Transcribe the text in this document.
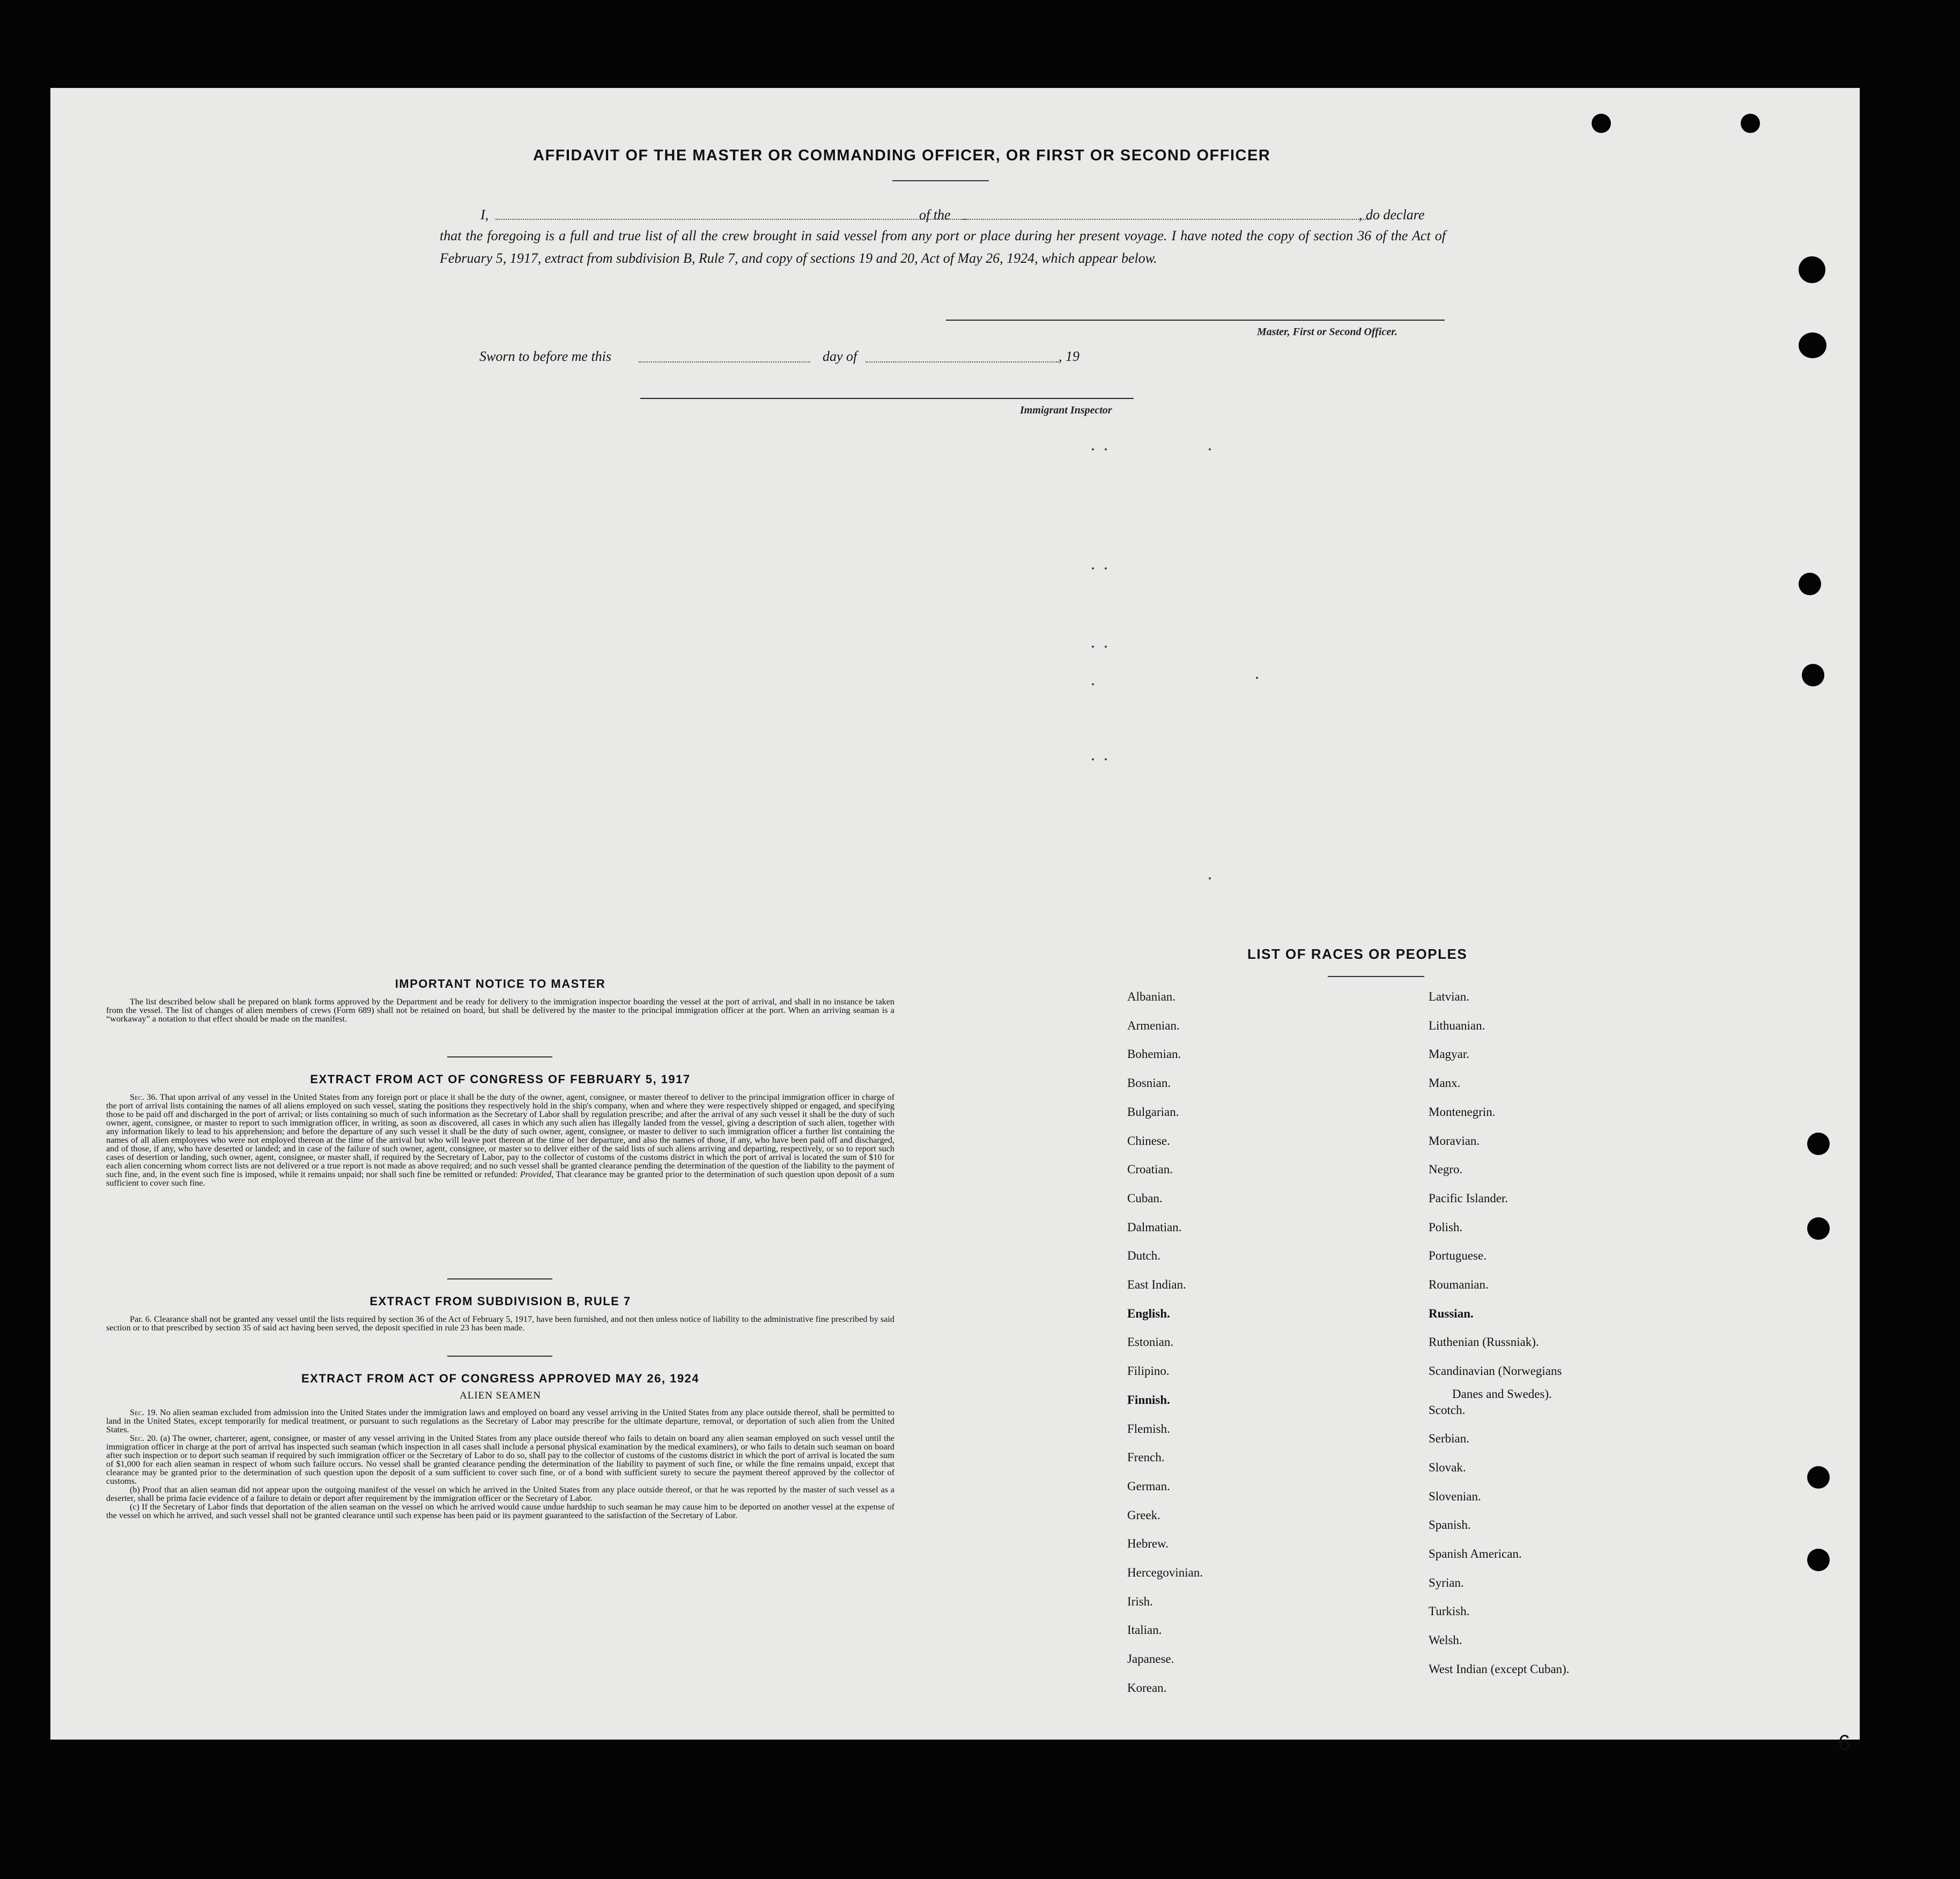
AFFIDAVIT OF THE MASTER OR COMMANDING OFFICER, OR FIRST OR SECOND OFFICER
I,	of the	, do declare
that the foregoing is a full and true list of all the crew brought in said vessel from any port or place during her present voyage. I have noted the copy of section 36 of the Act of February 5, 1917, extract from subdivision B, Rule 7, and copy of sections 19 and 20, Act of May 26, 1924, which appear below.
Master, First or Second Officer.
Sworn to before me this	day of	, 19
Immigrant Inspector
IMPORTANT NOTICE TO MASTER

The list described below shall be prepared on blank forms approved by the Department and be ready for delivery to the immigration inspector boarding the vessel at the port of arrival, and shall in no instance be taken from the vessel. The list of changes of alien members of crews (Form 689) shall not be retained on board, but shall be delivered by the master to the principal immigration officer at the port. When an arriving seaman is a “workaway” a notation to that effect should be made on the manifest.

EXTRACT FROM ACT OF CONGRESS OF FEBRUARY 5, 1917

Sec. 36. That upon arrival of any vessel in the United States from any foreign port or place it shall be the duty of the owner, agent, consignee, or master thereof to deliver to the principal immigration officer in charge of the port of arrival lists containing the names of all aliens employed on such vessel, stating the positions they respectively hold in the ship's company, when and where they were respectively shipped or engaged, and specifying those to be paid off and discharged in the port of arrival; or lists containing so much of such information as the Secretary of Labor shall by regulation prescribe; and after the arrival of any such vessel it shall be the duty of such owner, agent, consignee, or master to report to such immigration officer, in writing, as soon as discovered, all cases in which any such alien has illegally landed from the vessel, giving a description of such alien, together with any information likely to lead to his apprehension; and before the departure of any such vessel it shall be the duty of such owner, agent, consignee, or master to deliver to such immigration officer a further list containing the names of all alien employees who were not employed thereon at the time of the arrival but who will leave port thereon at the time of her departure, and also the names of those, if any, who have been paid off and discharged, and of those, if any, who have deserted or landed; and in case of the failure of such owner, agent, consignee, or master so to deliver either of the said lists of such aliens arriving and departing, respectively, or so to report such cases of desertion or landing, such owner, agent, consignee, or master shall, if required by the Secretary of Labor, pay to the collector of customs of the customs district in which the port of arrival is located the sum of $10 for each alien concerning whom correct lists are not delivered or a true report is not made as above required; and no such vessel shall be granted clearance pending the determination of the question of the liability to the payment of such fine, and, in the event such fine is imposed, while it remains unpaid; nor shall such fine be remitted or refunded: Provided, That clearance may be granted prior to the determination of such question upon deposit of a sum sufficient to cover such fine.

EXTRACT FROM SUBDIVISION B, RULE 7

Par. 6. Clearance shall not be granted any vessel until the lists required by section 36 of the Act of February 5, 1917, have been furnished, and not then unless notice of liability to the administrative fine prescribed by said section or to that prescribed by section 35 of said act having been served, the deposit specified in rule 23 has been made.

EXTRACT FROM ACT OF CONGRESS APPROVED MAY 26, 1924
ALIEN SEAMEN

Sec. 19. No alien seaman excluded from admission into the United States under the immigration laws and employed on board any vessel arriving in the United States from any place outside thereof, shall be permitted to land in the United States, except temporarily for medical treatment, or pursuant to such regulations as the Secretary of Labor may prescribe for the ultimate departure, removal, or deportation of such alien from the United States.

Sec. 20. (a) The owner, charterer, agent, consignee, or master of any vessel arriving in the United States from any place outside thereof who fails to detain on board any alien seaman employed on such vessel until the immigration officer in charge at the port of arrival has inspected such seaman (which inspection in all cases shall include a personal physical examination by the medical examiners), or who fails to detain such seaman on board after such inspection or to deport such seaman if required by such immigration officer or the Secretary of Labor to do so, shall pay to the collector of customs of the customs district in which the port of arrival is located the sum of $1,000 for each alien seaman in respect of whom such failure occurs. No vessel shall be granted clearance pending the determination of the liability to payment of such fine, or while the fine remains unpaid, except that clearance may be granted prior to the determination of such question upon the deposit of a sum sufficient to cover such fine, or of a bond with sufficient surety to secure the payment thereof approved by the collector of customs.

(b) Proof that an alien seaman did not appear upon the outgoing manifest of the vessel on which he arrived in the United States from any place outside thereof, or that he was reported by the master of such vessel as a deserter, shall be prima facie evidence of a failure to detain or deport after requirement by the immigration officer or the Secretary of Labor.

(c) If the Secretary of Labor finds that deportation of the alien seaman on the vessel on which he arrived would cause undue hardship to such seaman he may cause him to be deported on another vessel at the expense of the vessel on which he arrived, and such vessel shall not be granted clearance until such expense has been paid or its payment guaranteed to the satisfaction of the Secretary of Labor.

LIST OF RACES OR PEOPLES
Albanian.
Armenian.
Bohemian.
Bosnian.
Bulgarian.
Chinese.
Croatian.
Cuban.
Dalmatian.
Dutch.
East Indian.
English.
Estonian.
Filipino.
Finnish.
Flemish.
French.
German.
Greek.
Hebrew.
Hercegovinian.
Irish.
Italian.
Japanese.
Korean.
Latvian.
Lithuanian.
Magyar.
Manx.
Montenegrin.
Moravian.
Negro.
Pacific Islander.
Polish.
Portuguese.
Roumanian.
Russian.
Ruthenian (Russniak).
Scandinavian (Norwegians
Danes and Swedes).
Scotch.
Serbian.
Slovak.
Slovenian.
Spanish.
Spanish American.
Syrian.
Turkish.
Welsh.
West Indian (except Cuban).
6
